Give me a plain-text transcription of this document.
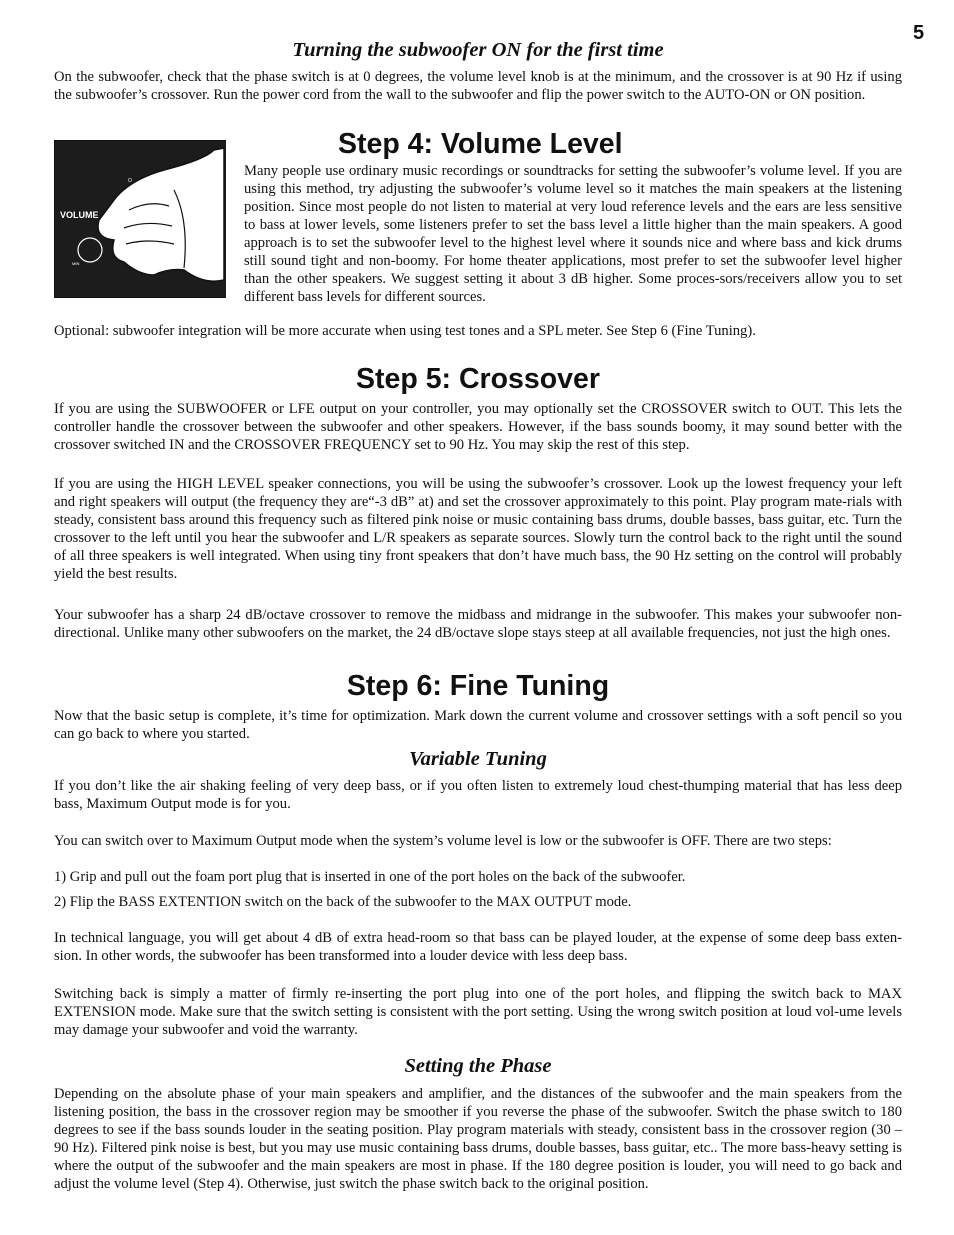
5
Turning the subwoofer ON for the first time

On the subwoofer, check that the phase switch is at 0 degrees, the volume level knob is at the minimum, and the crossover is at 90 Hz if using the subwoofer’s crossover. Run the power cord from the wall to the subwoofer and flip the power switch to the AUTO-ON or ON position.

Step 4: Volume Level
VOLUME
MIN
O

Many people use ordinary music recordings or soundtracks for setting the subwoofer’s volume level. If you are using this method, try adjusting the subwoofer’s volume level so it matches the main speakers at the listening position. Since most people do not listen to material at very loud reference levels and the ears are less sensitive to bass at lower levels, some listeners prefer to set the bass level a little higher than the main speakers. A good approach is to set the subwoofer level to the highest level where it sounds nice and where bass and kick drums still sound tight and non-boomy. For home theater applications, most prefer to set the subwoofer level higher than the other speakers. We suggest setting it about 3 dB higher. Some proces-sors/receivers allow you to set different bass levels for different sources.

Optional: subwoofer integration will be more accurate when using test tones and a SPL meter. See Step 6 (Fine Tuning).

Step 5: Crossover

If you are using the SUBWOOFER or LFE output on your controller, you may optionally set the CROSSOVER switch to OUT. This lets the controller handle the crossover between the subwoofer and other speakers. However, if the bass sounds boomy, it may sound better with the crossover switched IN and the CROSSOVER FREQUENCY set to 90 Hz. You may skip the rest of this step.

If you are using the HIGH LEVEL speaker connections, you will be using the subwoofer’s crossover. Look up the lowest frequency your left and right speakers will output (the frequency they are“-3 dB” at) and set the crossover approximately to this point. Play program mate-rials with steady, consistent bass around this frequency such as filtered pink noise or music containing bass drums, double basses, bass guitar, etc. Turn the crossover to the left until you hear the subwoofer and L/R speakers as separate sources. Slowly turn the control back to the right until the sound of all three speakers is well integrated. When using tiny front speakers that don’t have much bass, the 90 Hz setting on the control will probably yield the best results.

Your subwoofer has a sharp 24 dB/octave crossover to remove the midbass and midrange in the subwoofer. This makes your subwoofer non-directional. Unlike many other subwoofers on the market, the 24 dB/octave slope stays steep at all available frequencies, not just the high ones.

Step 6: Fine Tuning

Now that the basic setup is complete, it’s time for optimization. Mark down the current volume and crossover settings with a soft pencil so you can go back to where you started.

Variable Tuning

If you don’t like the air shaking feeling of very deep bass, or if you often listen to extremely loud chest-thumping material that has less deep bass, Maximum Output mode is for you.

You can switch over to Maximum Output mode when the system’s volume level is low or the subwoofer is OFF. There are two steps:

1) Grip and pull out the foam port plug that is inserted in one of the port holes on the back of the subwoofer.

2) Flip the BASS EXTENTION switch on the back of the subwoofer to the MAX OUTPUT mode.

In technical language, you will get about 4 dB of extra head-room so that bass can be played louder, at the expense of some deep bass exten-sion. In other words, the subwoofer has been transformed into a louder device with less deep bass.

Switching back is simply a matter of firmly re-inserting the port plug into one of the port holes, and flipping the switch back to MAX EXTENSION mode. Make sure that the switch setting is consistent with the port setting. Using the wrong switch position at loud vol-ume levels may damage your subwoofer and void the warranty.

Setting the Phase

Depending on the absolute phase of your main speakers and amplifier, and the distances of the subwoofer and the main speakers from the listening position, the bass in the crossover region may be smoother if you reverse the phase of the subwoofer. Switch the phase switch to 180 degrees to see if the bass sounds louder in the seating position. Play program materials with steady, consistent bass in the crossover region (30 – 90 Hz). Filtered pink noise is best, but you may use music containing bass drums, double basses, bass guitar, etc.. The more bass-heavy setting is where the output of the subwoofer and the main speakers are most in phase. If the 180 degree position is louder, you will need to go back and adjust the volume level (Step 4). Otherwise, just switch the phase switch back to the original position.
